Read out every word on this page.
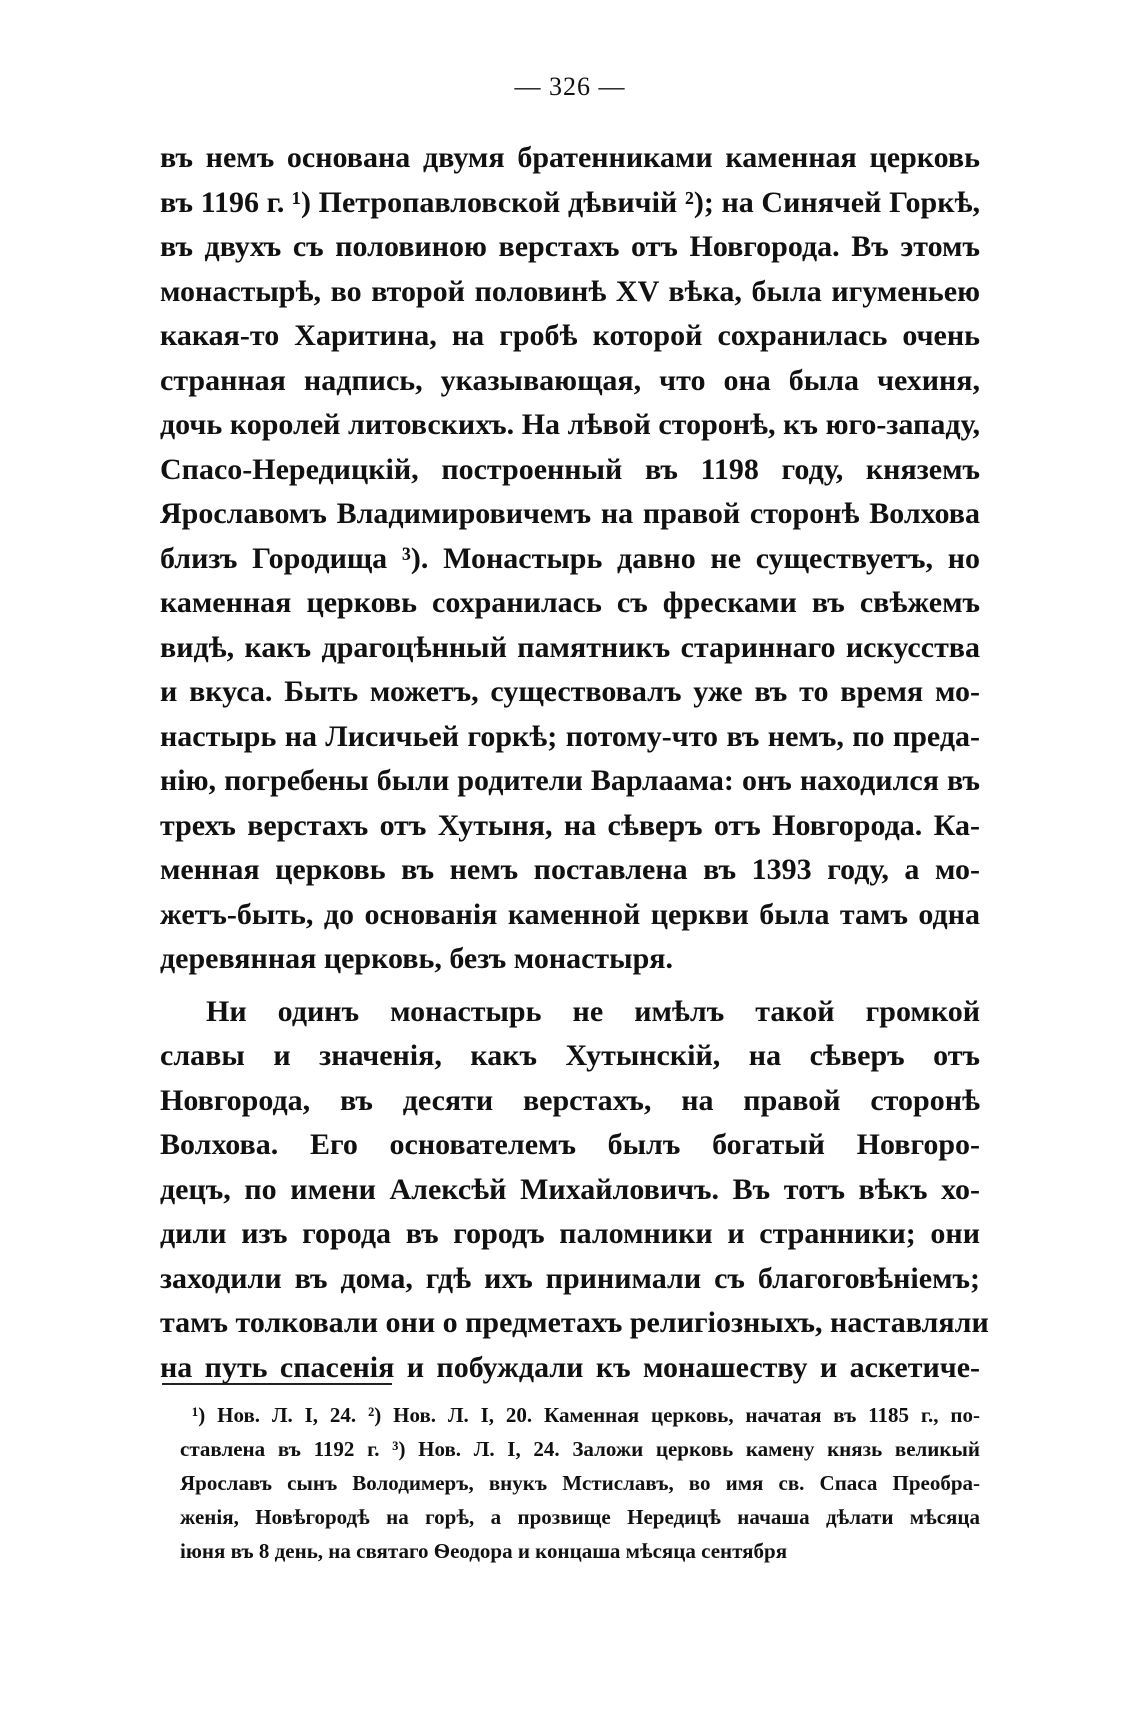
— 326 —
въ немъ основана двумя братенниками каменная церковь
въ 1196 г. ¹) Петропавловской дѣвичій ²); на Синячей Горкѣ,
въ двухъ съ половиною верстахъ отъ Новгорода. Въ этомъ
монастырѣ, во второй половинѣ XV вѣка, была игуменьею
какая-то Харитина, на гробѣ которой сохранилась очень
странная надпись, указывающая, что она была чехиня,
дочь королей литовскихъ. На лѣвой сторонѣ, къ юго-западу,
Спасо-Нередицкій, построенный въ 1198 году, княземъ
Ярославомъ Владимировичемъ на правой сторонѣ Волхова
близъ Городища ³). Монастырь давно не существуетъ, но
каменная церковь сохранилась съ фресками въ свѣжемъ
видѣ, какъ драгоцѣнный памятникъ стариннаго искусства
и вкуса. Быть можетъ, существовалъ уже въ то время мо-
настырь на Лисичьей горкѣ; потому-что въ немъ, по преда-
нію, погребены были родители Варлаама: онъ находился въ
трехъ верстахъ отъ Хутыня, на сѣверъ отъ Новгорода. Ка-
менная церковь въ немъ поставлена въ 1393 году, а мо-
жетъ-быть, до основанія каменной церкви была тамъ одна
деревянная церковь, безъ монастыря.
Ни одинъ монастырь не имѣлъ такой громкой
славы и значенія, какъ Хутынскій, на сѣверъ отъ
Новгорода, въ десяти верстахъ, на правой сторонѣ
Волхова. Его основателемъ былъ богатый Новгоро-
децъ, по имени Алексѣй Михайловичъ. Въ тотъ вѣкъ хо-
дили изъ города въ городъ паломники и странники; они
заходили въ дома, гдѣ ихъ принимали съ благоговѣніемъ;
тамъ толковали они о предметахъ религіозныхъ, наставляли
на путь спасенія и побуждали къ монашеству и аскетиче-
¹) Нов. Л. I, 24. ²) Нов. Л. I, 20. Каменная церковь, начатая въ 1185 г., по-
ставлена въ 1192 г. ³) Нов. Л. I, 24. Заложи церковь камену князь великый
Ярославъ сынъ Володимеръ, внукъ Мстиславъ, во имя св. Спаса Преобра-
женія, Новѣгородѣ на горѣ, а прозвище Нередицѣ начаша дѣлати мѣсяца
іюня въ 8 день, на святаго Ѳеодора и концаша мѣсяца сентября
